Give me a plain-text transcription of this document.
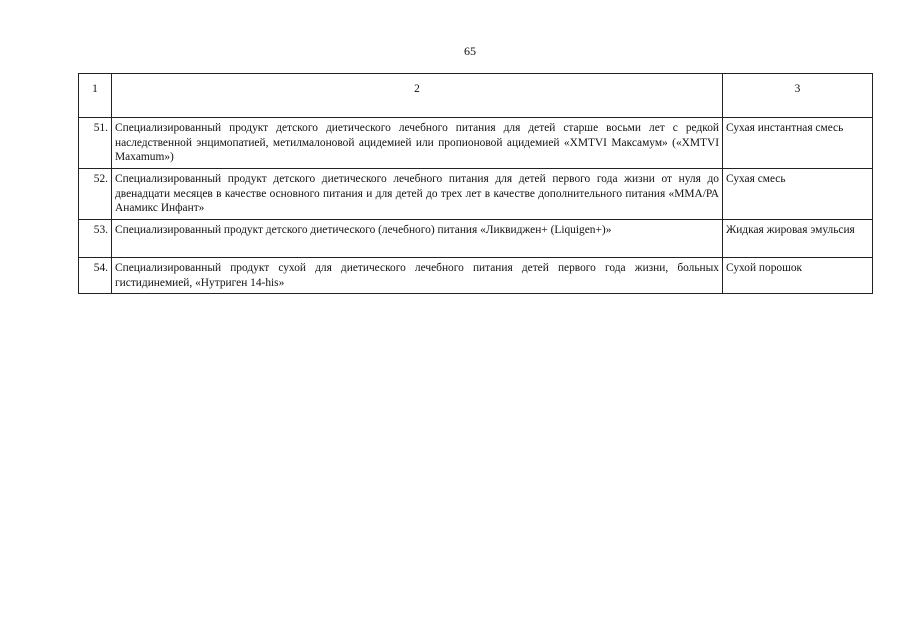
65
1	2	3
51.	Специализированный продукт детского диетического лечебного питания для детей старше восьми лет с редкой наследственной энцимопатией, метилмалоновой ацидемией или пропионовой ацидемией «ХМТVI Максамум» («XMTVI Maxamum»)	Сухая инстантная смесь
52.	Специализированный продукт детского диетического лечебного питания для детей первого года жизни от нуля до двенадцати месяцев в качестве основного питания и для детей до трех лет в качестве дополнительного питания «ММА/РА Анамикс Инфант»	Сухая смесь
53.	Специализированный продукт детского диетического (лечебного) питания «Ликвиджен+ (Liquigen+)»	Жидкая жировая эмульсия
54.	Специализированный продукт сухой для диетического лечебного питания детей первого года жизни, больных гистидинемией, «Нутриген 14-his»	Сухой порошок
